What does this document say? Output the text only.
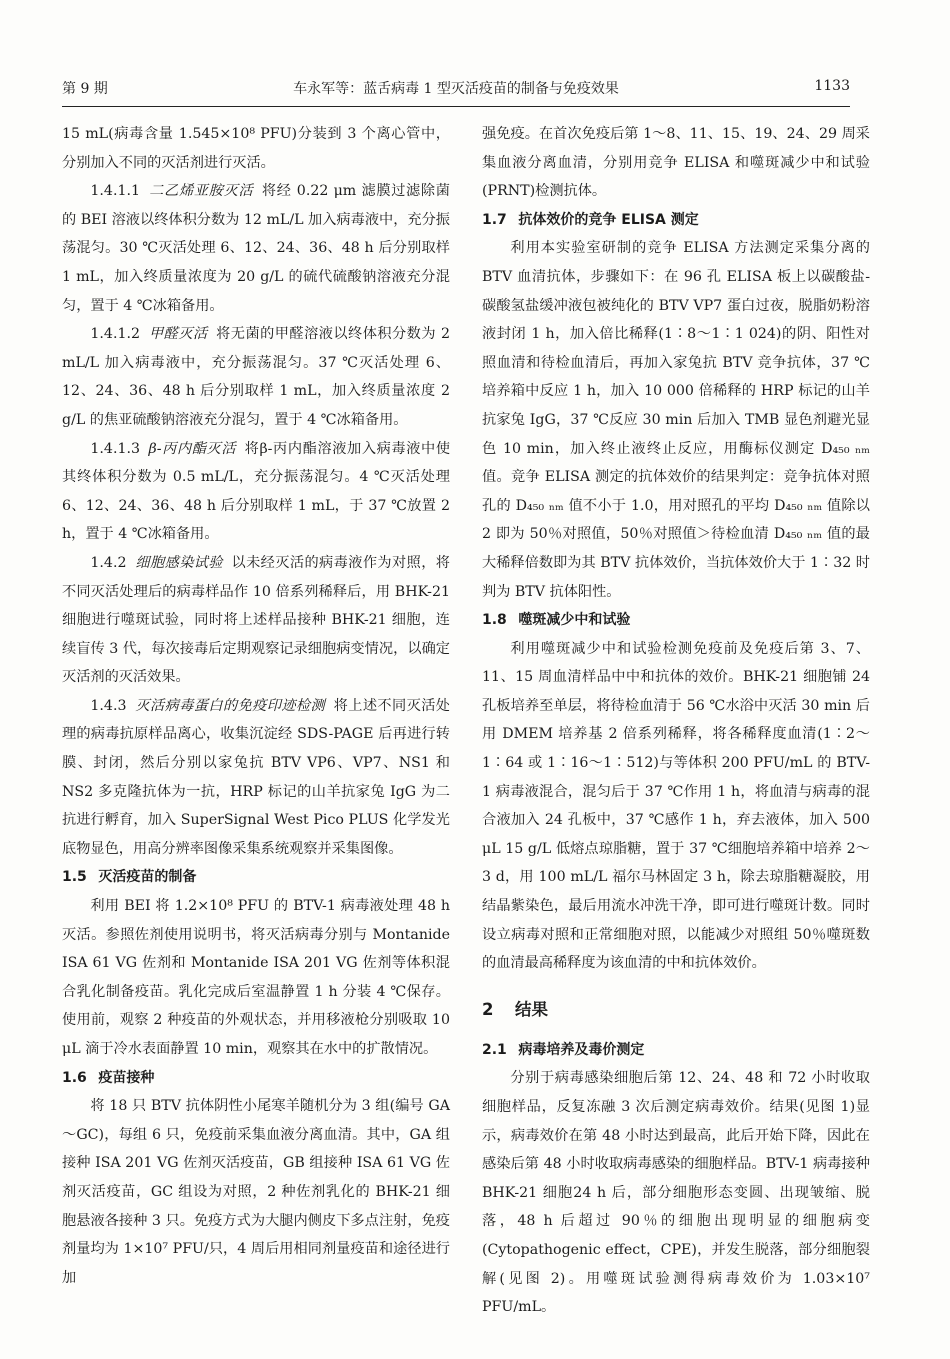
第 9 期	车永军等：蓝舌病毒 1 型灭活疫苗的制备与免疫效果	1133

15 mL(病毒含量 1.545×10⁸ PFU)分装到 3 个离心管中，分别加入不同的灭活剂进行灭活。

1.4.1.1 二乙烯亚胺灭活 将经 0.22 μm 滤膜过滤除菌的 BEI 溶液以终体积分数为 12 mL/L 加入病毒液中，充分振荡混匀。30 ℃灭活处理 6、12、24、36、48 h 后分别取样 1 mL，加入终质量浓度为 20 g/L 的硫代硫酸钠溶液充分混匀，置于 4 ℃冰箱备用。

1.4.1.2 甲醛灭活 将无菌的甲醛溶液以终体积分数为 2 mL/L 加入病毒液中，充分振荡混匀。37 ℃灭活处理 6、12、24、36、48 h 后分别取样 1 mL，加入终质量浓度 2 g/L 的焦亚硫酸钠溶液充分混匀，置于 4 ℃冰箱备用。

1.4.1.3 β-丙内酯灭活 将β-丙内酯溶液加入病毒液中使其终体积分数为 0.5 mL/L，充分振荡混匀。4 ℃灭活处理 6、12、24、36、48 h 后分别取样 1 mL，于 37 ℃放置 2 h，置于 4 ℃冰箱备用。

1.4.2 细胞感染试验 以未经灭活的病毒液作为对照，将不同灭活处理后的病毒样品作 10 倍系列稀释后，用 BHK-21 细胞进行噬斑试验，同时将上述样品接种 BHK-21 细胞，连续盲传 3 代，每次接毒后定期观察记录细胞病变情况，以确定灭活剂的灭活效果。

1.4.3 灭活病毒蛋白的免疫印迹检测 将上述不同灭活处理的病毒抗原样品离心，收集沉淀经 SDS-PAGE 后再进行转膜、封闭，然后分别以家兔抗 BTV VP6、VP7、NS1 和 NS2 多克隆抗体为一抗，HRP 标记的山羊抗家兔 IgG 为二抗进行孵育，加入 SuperSignal West Pico PLUS 化学发光底物显色，用高分辨率图像采集系统观察并采集图像。

1.5 灭活疫苗的制备

利用 BEI 将 1.2×10⁸ PFU 的 BTV-1 病毒液处理 48 h 灭活。参照佐剂使用说明书，将灭活病毒分别与 Montanide ISA 61 VG 佐剂和 Montanide ISA 201 VG 佐剂等体积混合乳化制备疫苗。乳化完成后室温静置 1 h 分装 4 ℃保存。使用前，观察 2 种疫苗的外观状态，并用移液枪分别吸取 10 μL 滴于冷水表面静置 10 min，观察其在水中的扩散情况。

1.6 疫苗接种

将 18 只 BTV 抗体阴性小尾寒羊随机分为 3 组(编号 GA～GC)，每组 6 只，免疫前采集血液分离血清。其中，GA 组接种 ISA 201 VG 佐剂灭活疫苗，GB 组接种 ISA 61 VG 佐剂灭活疫苗，GC 组设为对照，2 种佐剂乳化的 BHK-21 细胞悬液各接种 3 只。免疫方式为大腿内侧皮下多点注射，免疫剂量均为 1×10⁷ PFU/只，4 周后用相同剂量疫苗和途径进行加

强免疫。在首次免疫后第 1～8、11、15、19、24、29 周采集血液分离血清，分别用竞争 ELISA 和噬斑减少中和试验(PRNT)检测抗体。

1.7 抗体效价的竞争 ELISA 测定

利用本实验室研制的竞争 ELISA 方法测定采集分离的 BTV 血清抗体，步骤如下：在 96 孔 ELISA 板上以碳酸盐-碳酸氢盐缓冲液包被纯化的 BTV VP7 蛋白过夜，脱脂奶粉溶液封闭 1 h，加入倍比稀释(1∶8～1∶1 024)的阴、阳性对照血清和待检血清后，再加入家兔抗 BTV 竞争抗体，37 ℃培养箱中反应 1 h，加入 10 000 倍稀释的 HRP 标记的山羊抗家兔 IgG，37 ℃反应 30 min 后加入 TMB 显色剂避光显色 10 min，加入终止液终止反应，用酶标仪测定 D₄₅₀ ₙₘ 值。竞争 ELISA 测定的抗体效价的结果判定：竞争抗体对照孔的 D₄₅₀ ₙₘ 值不小于 1.0，用对照孔的平均 D₄₅₀ ₙₘ 值除以 2 即为 50％对照值，50％对照值＞待检血清 D₄₅₀ ₙₘ 值的最大稀释倍数即为其 BTV 抗体效价，当抗体效价大于 1∶32 时判为 BTV 抗体阳性。

1.8 噬斑减少中和试验

利用噬斑减少中和试验检测免疫前及免疫后第 3、7、11、15 周血清样品中中和抗体的效价。BHK-21 细胞铺 24 孔板培养至单层，将待检血清于 56 ℃水浴中灭活 30 min 后用 DMEM 培养基 2 倍系列稀释，将各稀释度血清(1∶2～1∶64 或 1∶16～1∶512)与等体积 200 PFU/mL 的 BTV-1 病毒液混合，混匀后于 37 ℃作用 1 h，将血清与病毒的混合液加入 24 孔板中，37 ℃感作 1 h，弃去液体，加入 500 μL 15 g/L 低熔点琼脂糖，置于 37 ℃细胞培养箱中培养 2～3 d，用 100 mL/L 福尔马林固定 3 h，除去琼脂糖凝胶，用结晶紫染色，最后用流水冲洗干净，即可进行噬斑计数。同时设立病毒对照和正常细胞对照，以能减少对照组 50％噬斑数的血清最高稀释度为该血清的中和抗体效价。

2 结果
2.1 病毒培养及毒价测定

分别于病毒感染细胞后第 12、24、48 和 72 小时收取细胞样品，反复冻融 3 次后测定病毒效价。结果(见图 1)显示，病毒效价在第 48 小时达到最高，此后开始下降，因此在感染后第 48 小时收取病毒感染的细胞样品。BTV-1 病毒接种 BHK-21 细胞24 h 后，部分细胞形态变圆、出现皱缩、脱落，48 h 后超过 90％的细胞出现明显的细胞病变(Cytopathogenic effect，CPE)，并发生脱落，部分细胞裂解(见图 2)。用噬斑试验测得病毒效价为 1.03×10⁷ PFU/mL。
